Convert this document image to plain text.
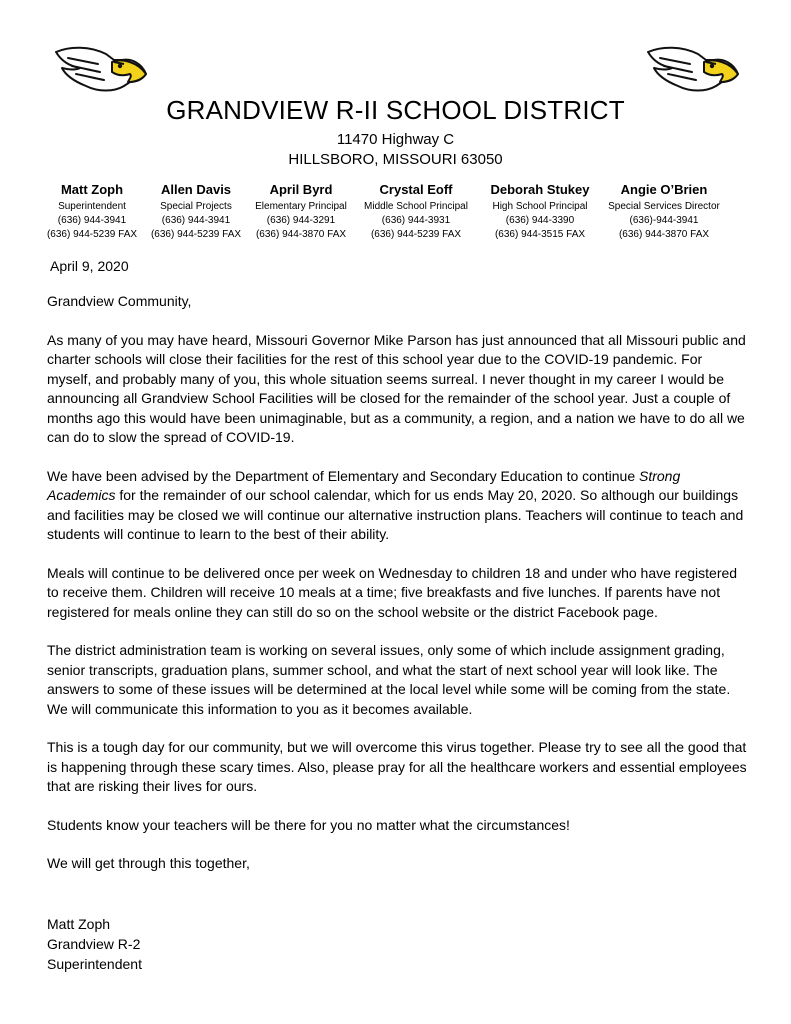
GRANDVIEW R-II SCHOOL DISTRICT
11470 Highway C
HILLSBORO, MISSOURI 63050
Matt Zoph
Superintendent
(636) 944-3941
(636) 944-5239 FAX
Allen Davis
Special Projects
(636) 944-3941
(636) 944-5239 FAX
April Byrd
Elementary Principal
(636) 944-3291
(636) 944-3870 FAX
Crystal Eoff
Middle School Principal
(636) 944-3931
(636) 944-5239 FAX
Deborah Stukey
High School Principal
(636) 944-3390
(636) 944-3515 FAX
Angie O’Brien
Special Services Director
(636)-944-3941
(636) 944-3870 FAX
April 9, 2020

Grandview Community,

As many of you may have heard, Missouri Governor Mike Parson has just announced that all Missouri public and charter schools will close their facilities for the rest of this school year due to the COVID-19 pandemic. For myself, and probably many of you, this whole situation seems surreal. I never thought in my career I would be announcing all Grandview School Facilities will be closed for the remainder of the school year. Just a couple of months ago this would have been unimaginable, but as a community, a region, and a nation we have to do all we can do to slow the spread of COVID-19.

We have been advised by the Department of Elementary and Secondary Education to continue Strong Academics for the remainder of our school calendar, which for us ends May 20, 2020. So although our buildings and facilities may be closed we will continue our alternative instruction plans. Teachers will continue to teach and students will continue to learn to the best of their ability.

Meals will continue to be delivered once per week on Wednesday to children 18 and under who have registered to receive them. Children will receive 10 meals at a time; five breakfasts and five lunches. If parents have not registered for meals online they can still do so on the school website or the district Facebook page.

The district administration team is working on several issues, only some of which include assignment grading, senior transcripts, graduation plans, summer school, and what the start of next school year will look like. The answers to some of these issues will be determined at the local level while some will be coming from the state. We will communicate this information to you as it becomes available.

This is a tough day for our community, but we will overcome this virus together. Please try to see all the good that is happening through these scary times. Also, please pray for all the healthcare workers and essential employees that are risking their lives for ours.

Students know your teachers will be there for you no matter what the circumstances!

We will get through this together,

Matt Zoph
Grandview R-2
Superintendent
